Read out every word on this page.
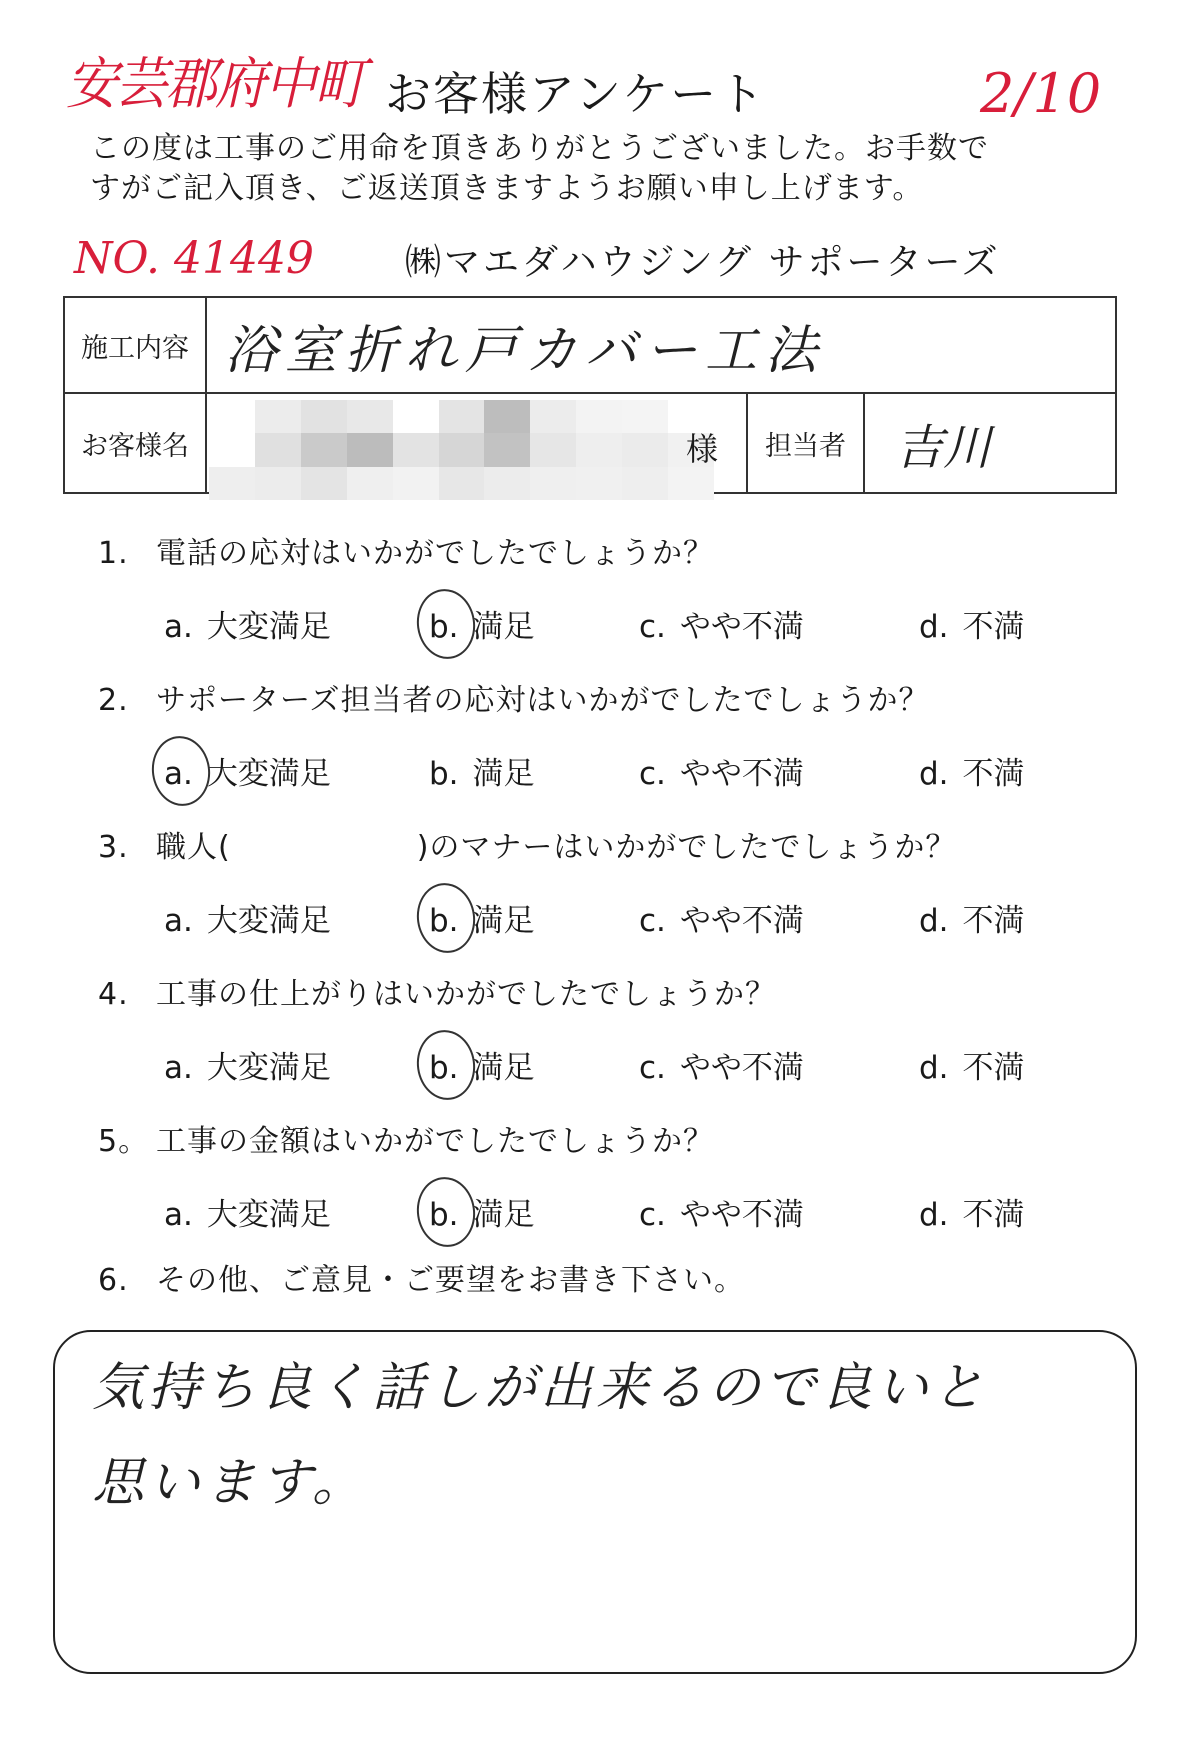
安芸郡府中町 お客様アンケート	2/10
この度は工事のご用命を頂きありがとうございました。お手数で
すがご記入頂き、ご返送頂きますようお願い申し上げます。
NO. 41449	㈱マエダハウジング サポーターズ
施工内容	浴室折れ戸カバー工法		
お客様名	様	担当者	吉川
1. 電話の応対はいかがでしたでしょうか？
a. 大変満足	b. 満足	c. やや不満	d. 不満
2. サポーターズ担当者の応対はいかがでしたでしょうか？
a. 大変満足	b. 満足	c. やや不満	d. 不満
3. 職人(　　　　　　)のマナーはいかがでしたでしょうか？
a. 大変満足	b. 満足	c. やや不満	d. 不満
4. 工事の仕上がりはいかがでしたでしょうか？
a. 大変満足	b. 満足	c. やや不満	d. 不満
5。 工事の金額はいかがでしたでしょうか？
a. 大変満足	b. 満足	c. やや不満	d. 不満
6. その他、ご意見・ご要望をお書き下さい。
気持ち良く話しが出来るので良いと
思います。
